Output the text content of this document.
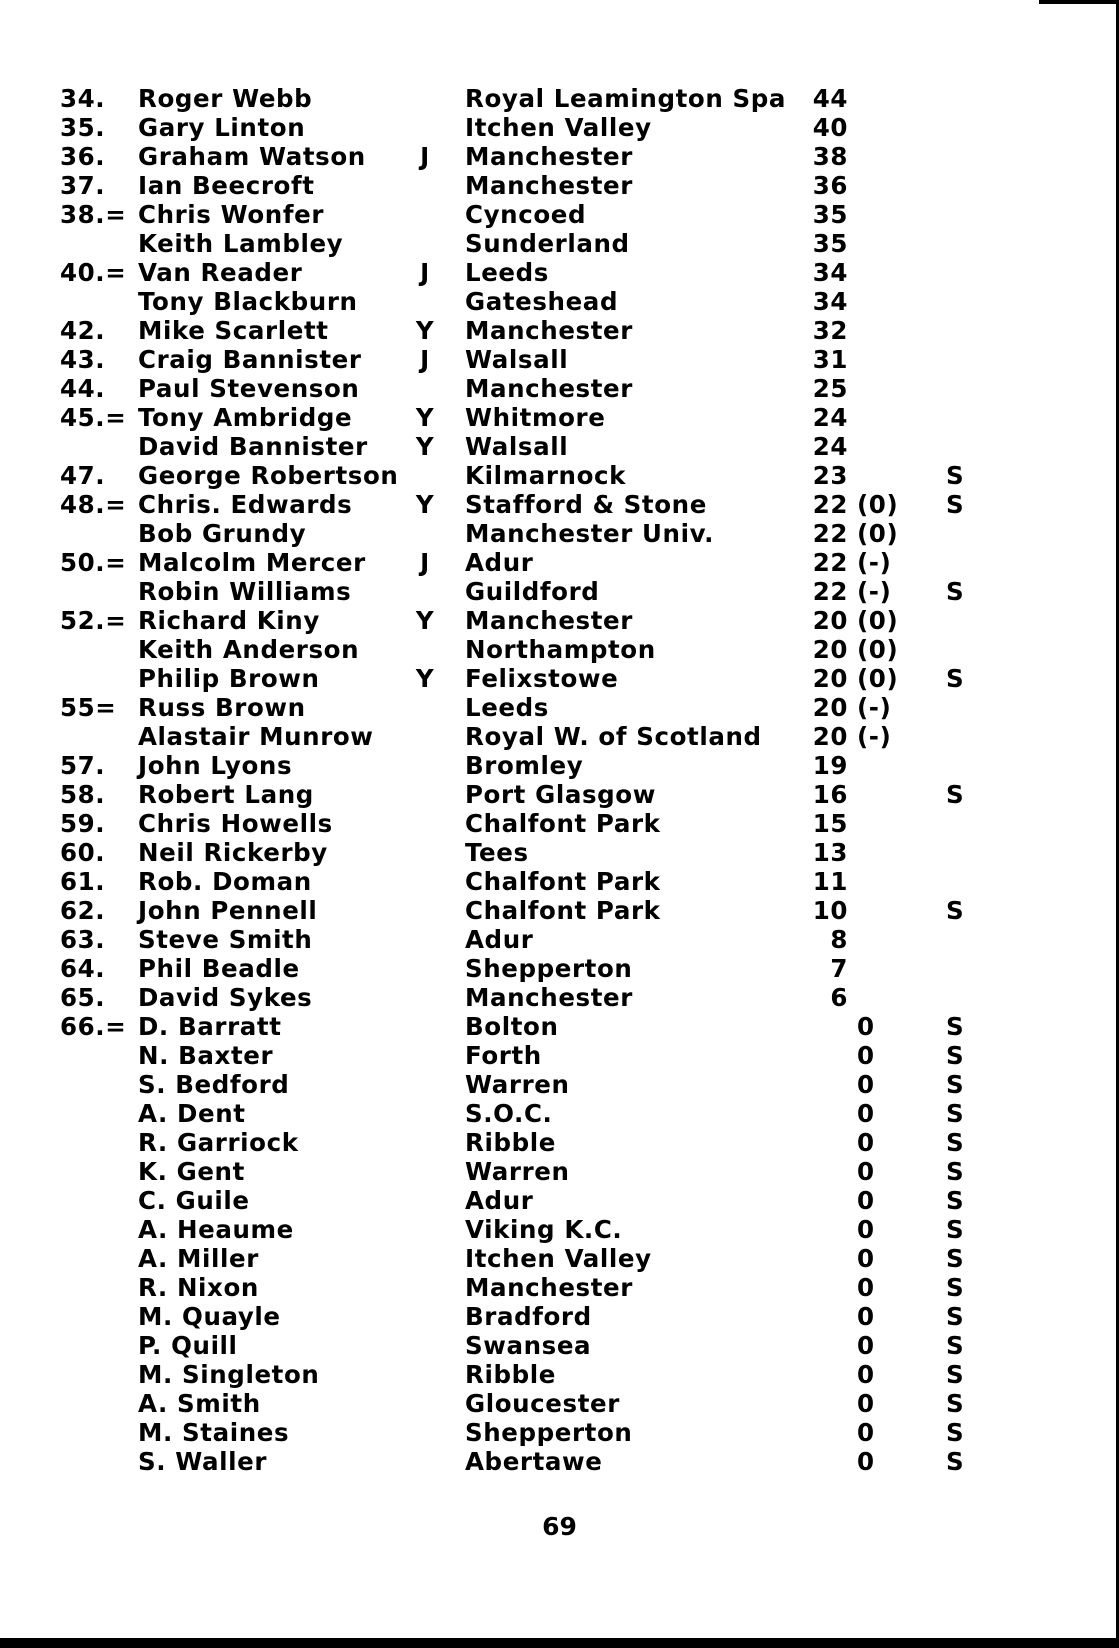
34. Roger Webb	Royal Leamington Spa 44
35. Gary Linton	Itchen Valley	40
36. Graham Watson	J	Manchester	38
37. Ian Beecroft	Manchester	36
38.= Chris Wonfer	Cyncoed	35
Keith Lambley	Sunderland	35
40.= Van Reader	J	Leeds	34
Tony Blackburn	Gateshead	34
42. Mike Scarlett	Y Manchester	32
43. Craig Bannister	J	Walsall	31
44. Paul Stevenson	Manchester	25
45.= Tony Ambridge	Y Whitmore	24
David Bannister Y Walsall	24
47. George Robertson	Kilmarnock	23	S
48.= Chris. Edwards	Y Stafford & Stone	22 (0) S
Bob Grundy	Manchester Univ.	22 (0)
50.= Malcolm Mercer	J	Adur	22 (-)
Robin Williams	Guildford	22 (-) S
52.= Richard Kiny	Y Manchester	20 (0)
Keith Anderson	Northampton	20 (0)
Philip Brown	Y Felixstowe	20 (0) S
55= Russ Brown	Leeds	20 (-)
Alastair Munrow	Royal W. of Scotland 20 (-)
57. John Lyons	Bromley	19
58. Robert Lang	Port Glasgow	16	S
59. Chris Howells	Chalfont Park	15
60. Neil Rickerby	Tees	13
61. Rob. Doman	Chalfont Park	11
62. John Pennell	Chalfont Park	10	S
63. Steve Smith	Adur	8
64. Phil Beadle	Shepperton	7
65. David Sykes	Manchester	6
66.= D. Barratt	Bolton	0	S
N. Baxter	Forth	0	S
S. Bedford	Warren	0	S
A. Dent	S.O.C.	0	S
R. Garriock	Ribble	0	S
K. Gent	Warren	0	S
C. Guile	Adur	0	S
A. Heaume	Viking K.C.	0	S
A. Miller	Itchen Valley	0	S
R. Nixon	Manchester	0	S
M. Quayle	Bradford	0	S
P. Quill	Swansea	0	S
M. Singleton	Ribble	0	S
A. Smith	Gloucester	0	S
M. Staines	Shepperton	0	S
S. Waller	Abertawe	0	S
69
